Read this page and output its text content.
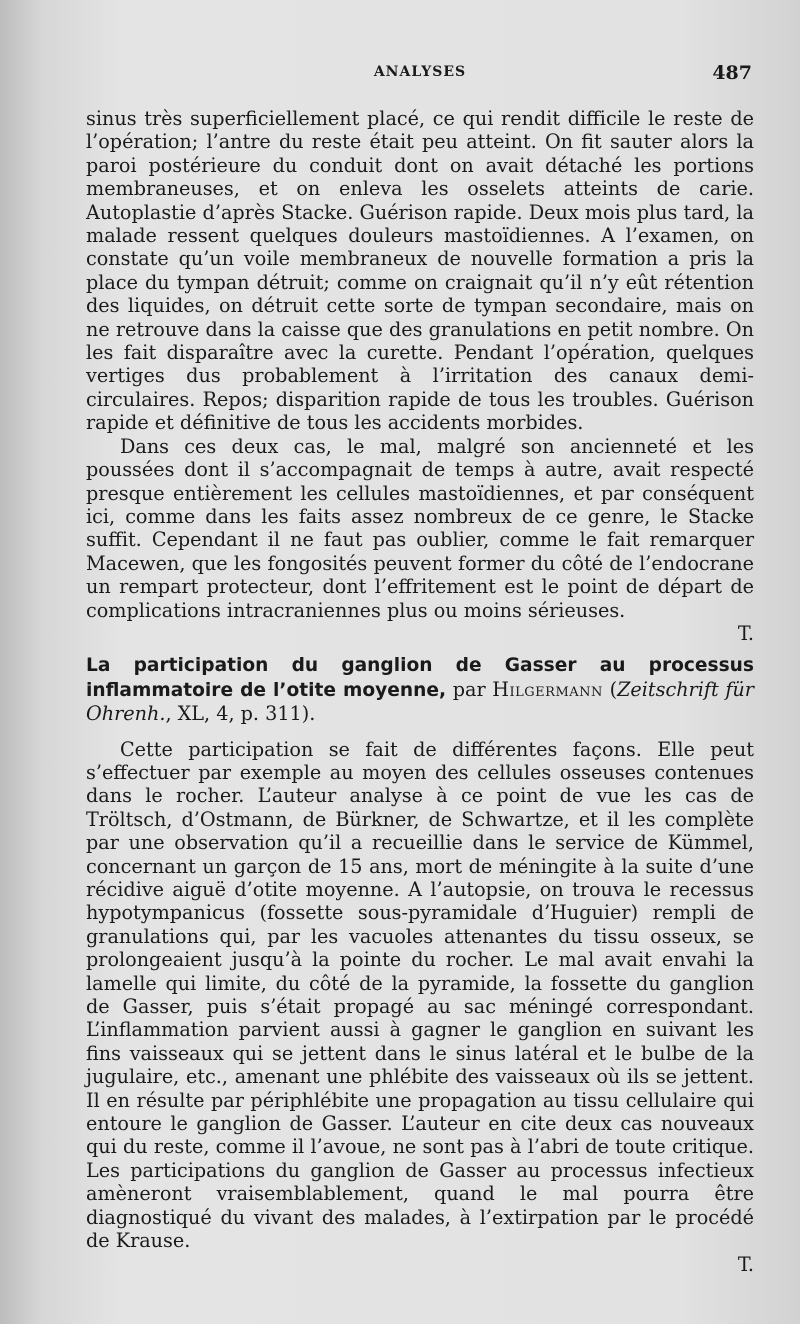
ANALYSES	487

sinus très superficiellement placé, ce qui rendit difficile le reste de l’opération; l’antre du reste était peu atteint. On fit sauter alors la paroi postérieure du conduit dont on avait détaché les portions membraneuses, et on enleva les osselets atteints de carie. Autoplastie d’après Stacke. Guérison rapide. Deux mois plus tard, la malade ressent quelques douleurs mastoïdiennes. A l’examen, on constate qu’un voile membraneux de nouvelle formation a pris la place du tympan détruit; comme on craignait qu’il n’y eût rétention des liquides, on détruit cette sorte de tympan secondaire, mais on ne retrouve dans la caisse que des granulations en petit nombre. On les fait disparaître avec la curette. Pendant l’opération, quelques vertiges dus probablement à l’irritation des canaux demi-circulaires. Repos; disparition rapide de tous les troubles. Guérison rapide et définitive de tous les accidents morbides.

Dans ces deux cas, le mal, malgré son ancienneté et les poussées dont il s’accompagnait de temps à autre, avait respecté presque entièrement les cellules mastoïdiennes, et par conséquent ici, comme dans les faits assez nombreux de ce genre, le Stacke suffit. Cependant il ne faut pas oublier, comme le fait remarquer Macewen, que les fongosités peuvent former du côté de l’endocrane un rempart protecteur, dont l’effritement est le point de départ de complications intracraniennes plus ou moins sérieuses.

T.

La participation du ganglion de Gasser au processus inflammatoire de l’otite moyenne, par Hilgermann (Zeitschrift für Ohrenh., XL, 4, p. 311).

Cette participation se fait de différentes façons. Elle peut s’effectuer par exemple au moyen des cellules osseuses contenues dans le rocher. L’auteur analyse à ce point de vue les cas de Tröltsch, d’Ostmann, de Bürkner, de Schwartze, et il les complète par une observation qu’il a recueillie dans le service de Kümmel, concernant un garçon de 15 ans, mort de méningite à la suite d’une récidive aiguë d’otite moyenne. A l’autopsie, on trouva le recessus hypotympanicus (fossette sous-pyramidale d’Huguier) rempli de granulations qui, par les vacuoles attenantes du tissu osseux, se prolongeaient jusqu’à la pointe du rocher. Le mal avait envahi la lamelle qui limite, du côté de la pyramide, la fossette du ganglion de Gasser, puis s’était propagé au sac méningé correspondant. L’inflammation parvient aussi à gagner le ganglion en suivant les fins vaisseaux qui se jettent dans le sinus latéral et le bulbe de la jugulaire, etc., amenant une phlébite des vaisseaux où ils se jettent. Il en résulte par périphlébite une propagation au tissu cellulaire qui entoure le ganglion de Gasser. L’auteur en cite deux cas nouveaux qui du reste, comme il l’avoue, ne sont pas à l’abri de toute critique. Les participations du ganglion de Gasser au processus infectieux amèneront vraisemblablement, quand le mal pourra être diagnostiqué du vivant des malades, à l’extirpation par le procédé de Krause.

T.
